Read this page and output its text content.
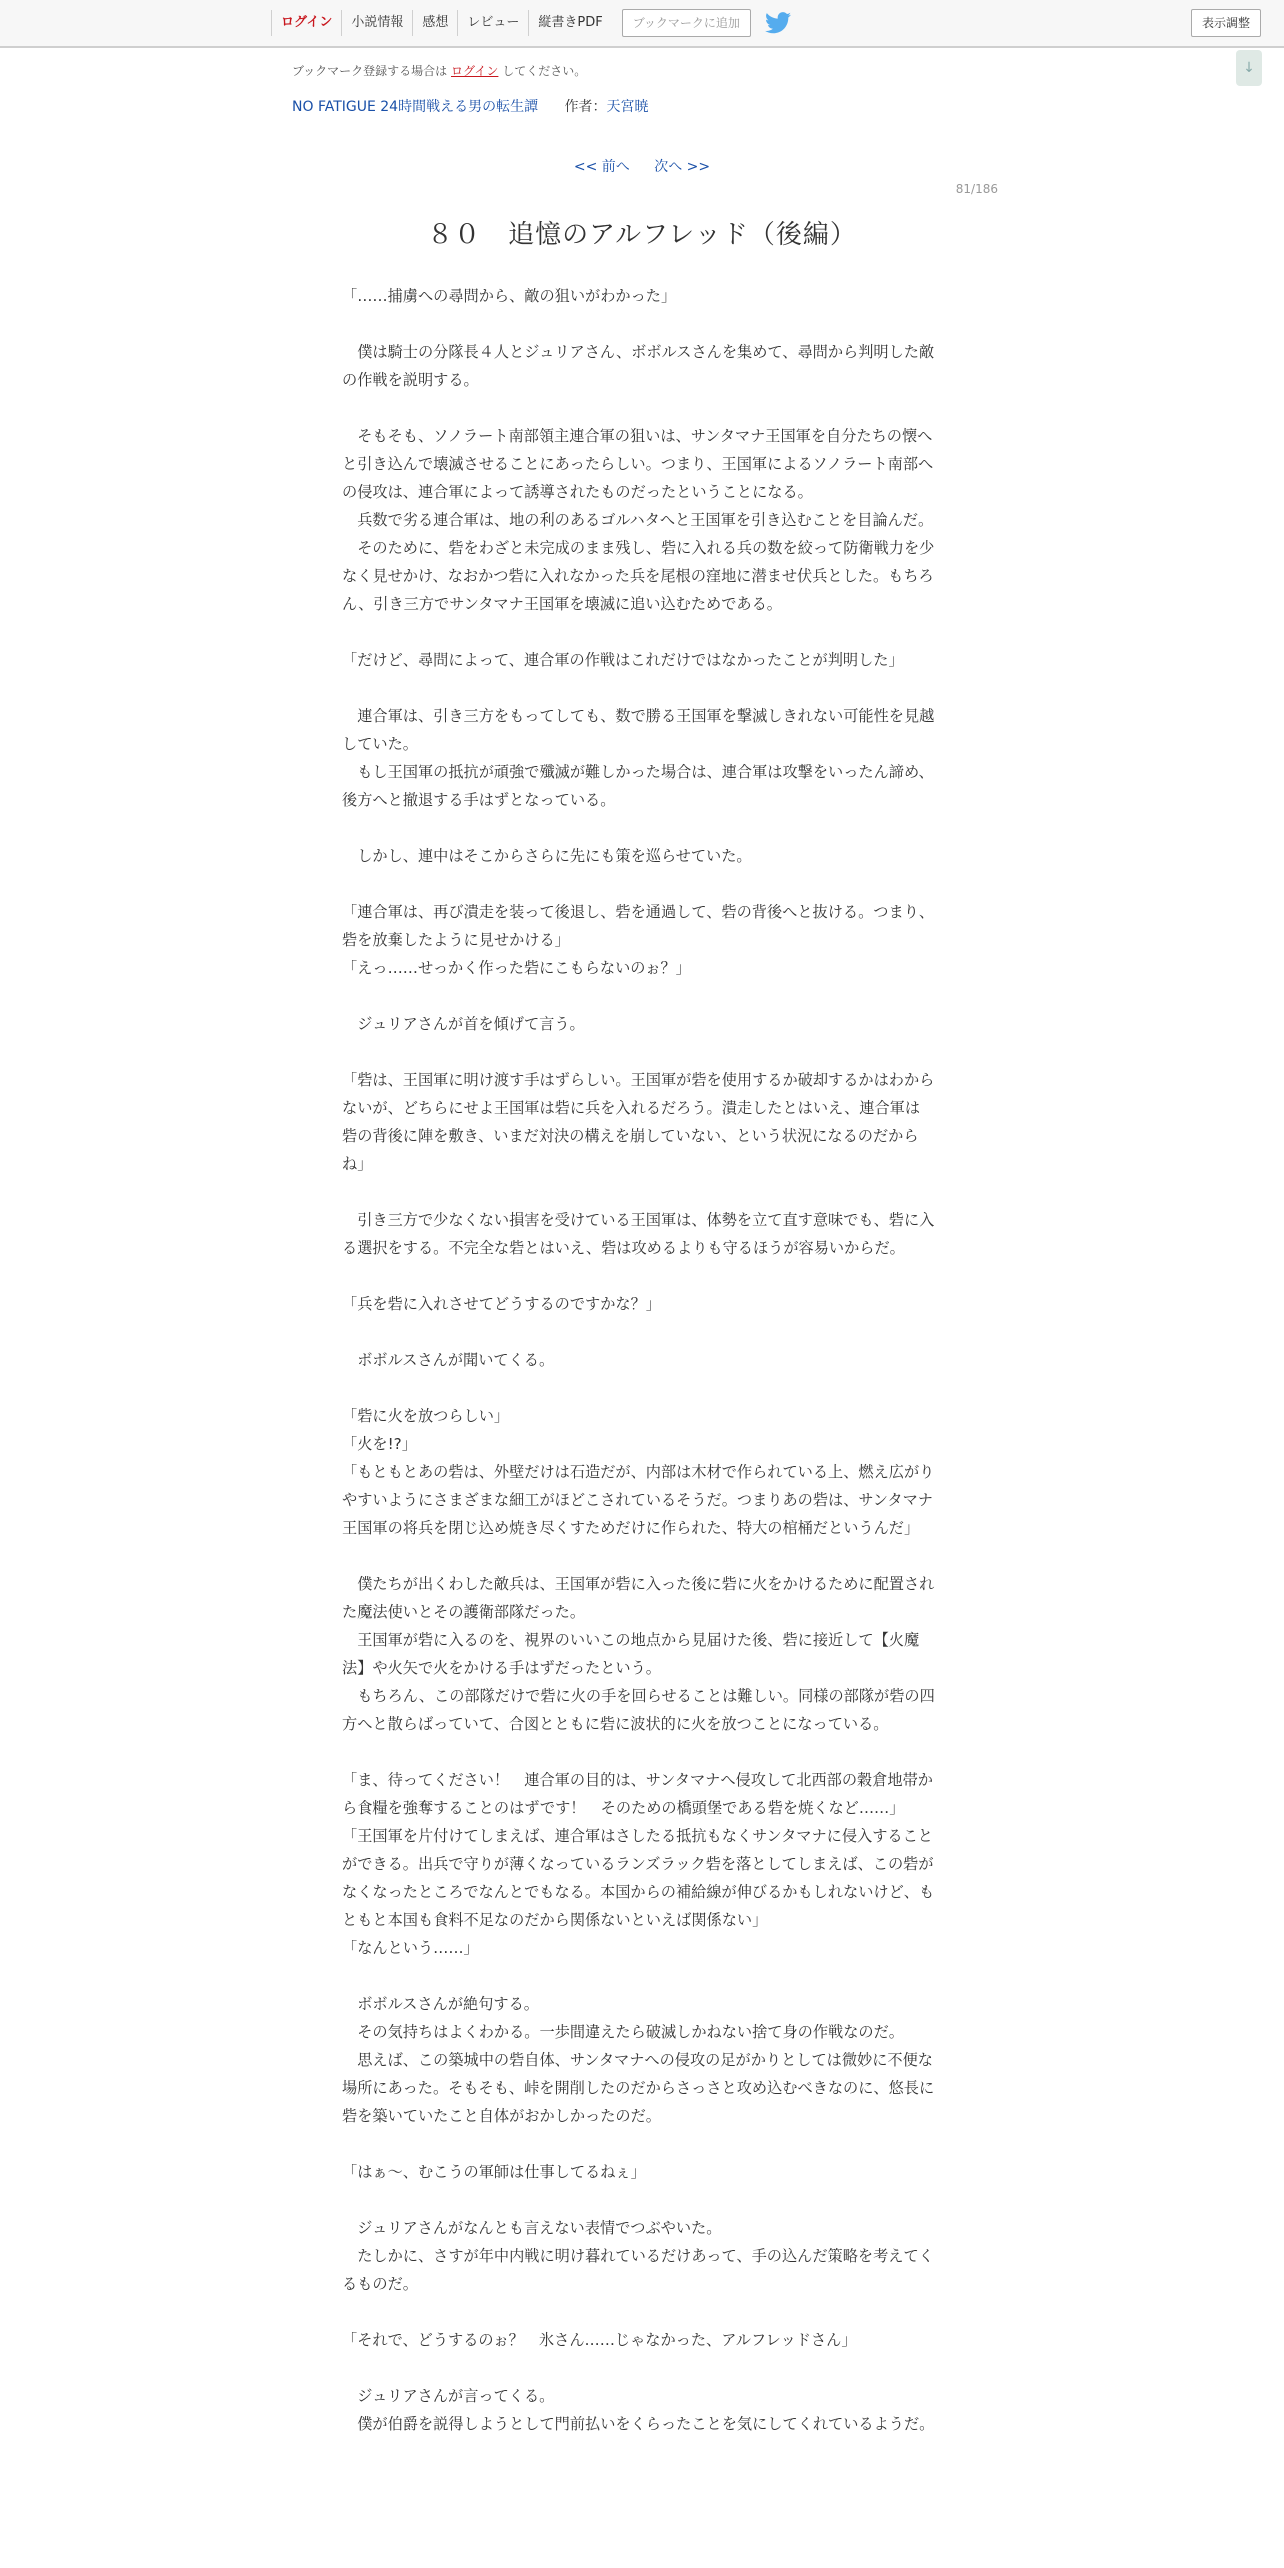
ログイン	小説情報	感想	レビュー	縦書きPDF	ブックマークに追加	表示調整
↓
ブックマーク登録する場合は ログイン してください。
NO FATIGUE 24時間戦える男の転生譚 作者：天宮暁
<< 前へ 次へ >>
81/186
８０　追憶のアルフレッド（後編）

「……捕虜への尋問から、敵の狙いがわかった」

　僕は騎士の分隊長４人とジュリアさん、ボボルスさんを集めて、尋問から判明した敵の作戦を説明する。

　そもそも、ソノラート南部領主連合軍の狙いは、サンタマナ王国軍を自分たちの懐へと引き込んで壊滅させることにあったらしい。つまり、王国軍によるソノラート南部への侵攻は、連合軍によって誘導されたものだったということになる。

　兵数で劣る連合軍は、地の利のあるゴルハタへと王国軍を引き込むことを目論んだ。

　そのために、砦をわざと未完成のまま残し、砦に入れる兵の数を絞って防衛戦力を少なく見せかけ、なおかつ砦に入れなかった兵を尾根の窪地に潜ませ伏兵とした。もちろん、引き三方でサンタマナ王国軍を壊滅に追い込むためである。

「だけど、尋問によって、連合軍の作戦はこれだけではなかったことが判明した」

　連合軍は、引き三方をもってしても、数で勝る王国軍を撃滅しきれない可能性を見越していた。

　もし王国軍の抵抗が頑強で殲滅が難しかった場合は、連合軍は攻撃をいったん諦め、後方へと撤退する手はずとなっている。

　しかし、連中はそこからさらに先にも策を巡らせていた。

「連合軍は、再び潰走を装って後退し、砦を通過して、砦の背後へと抜ける。つまり、砦を放棄したように見せかける」

「えっ……せっかく作った砦にこもらないのぉ？」

　ジュリアさんが首を傾げて言う。

「砦は、王国軍に明け渡す手はずらしい。王国軍が砦を使用するか破却するかはわからないが、どちらにせよ王国軍は砦に兵を入れるだろう。潰走したとはいえ、連合軍は砦の背後に陣を敷き、いまだ対決の構えを崩していない、という状況になるのだからね」

　引き三方で少なくない損害を受けている王国軍は、体勢を立て直す意味でも、砦に入る選択をする。不完全な砦とはいえ、砦は攻めるよりも守るほうが容易いからだ。

「兵を砦に入れさせてどうするのですかな？」

　ボボルスさんが聞いてくる。

「砦に火を放つらしい」

「火を!?」

「もともとあの砦は、外壁だけは石造だが、内部は木材で作られている上、燃え広がりやすいようにさまざまな細工がほどこされているそうだ。つまりあの砦は、サンタマナ王国軍の将兵を閉じ込め焼き尽くすためだけに作られた、特大の棺桶だというんだ」

　僕たちが出くわした敵兵は、王国軍が砦に入った後に砦に火をかけるために配置された魔法使いとその護衛部隊だった。

　王国軍が砦に入るのを、視界のいいこの地点から見届けた後、砦に接近して【火魔法】や火矢で火をかける手はずだったという。

　もちろん、この部隊だけで砦に火の手を回らせることは難しい。同様の部隊が砦の四方へと散らばっていて、合図とともに砦に波状的に火を放つことになっている。

「ま、待ってください！　連合軍の目的は、サンタマナへ侵攻して北西部の穀倉地帯から食糧を強奪することのはずです！　そのための橋頭堡である砦を焼くなど……」

「王国軍を片付けてしまえば、連合軍はさしたる抵抗もなくサンタマナに侵入することができる。出兵で守りが薄くなっているランズラック砦を落としてしまえば、この砦がなくなったところでなんとでもなる。本国からの補給線が伸びるかもしれないけど、もともと本国も食料不足なのだから関係ないといえば関係ない」

「なんという……」

　ボボルスさんが絶句する。

　その気持ちはよくわかる。一歩間違えたら破滅しかねない捨て身の作戦なのだ。

　思えば、この築城中の砦自体、サンタマナへの侵攻の足がかりとしては微妙に不便な場所にあった。そもそも、峠を開削したのだからさっさと攻め込むべきなのに、悠長に砦を築いていたこと自体がおかしかったのだ。

「はぁ～、むこうの軍師は仕事してるねぇ」

　ジュリアさんがなんとも言えない表情でつぶやいた。

　たしかに、さすが年中内戦に明け暮れているだけあって、手の込んだ策略を考えてくるものだ。

「それで、どうするのぉ？　氷さん……じゃなかった、アルフレッドさん」

　ジュリアさんが言ってくる。

　僕が伯爵を説得しようとして門前払いをくらったことを気にしてくれているようだ。
